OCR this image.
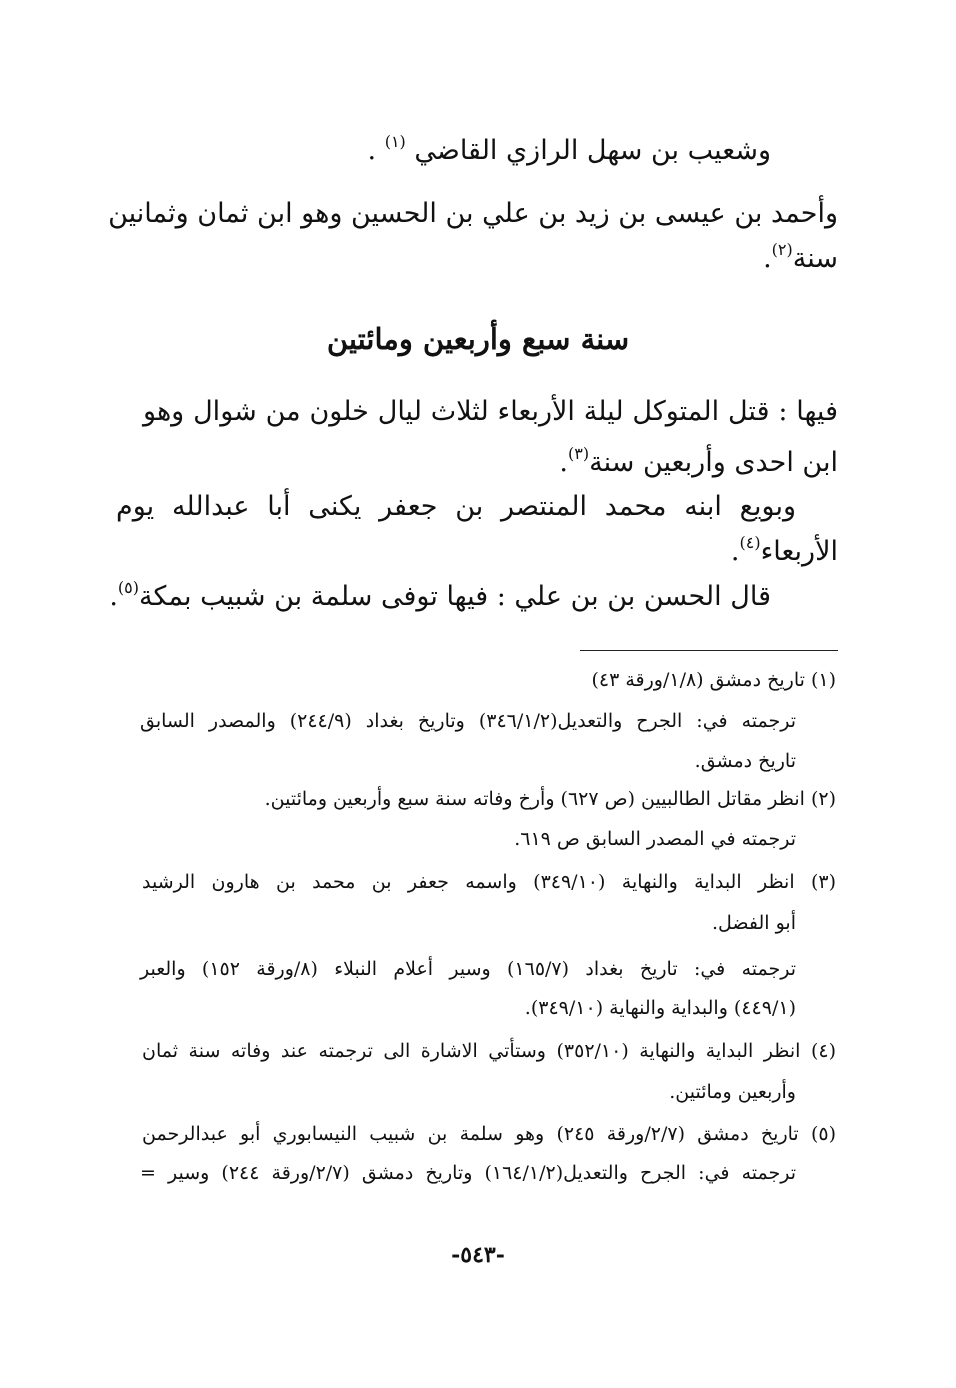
وشعيب بن سهل الرازي القاضي $^{(١)}$ .
وأحمد بن عيسى بن زيد بن علي بن الحسين وهو ابن ثمان وثمانين
سنة$^{(٢)}$.
سنة سبع وأربعين ومائتين
فيها : قتل المتوكل ليلة الأربعاء لثلاث ليال خلون من شوال وهو
ابن احدى وأربعين سنة$^{(٣)}$.
وبويع ابنه محمد المنتصر بن جعفر يكنى أبا عبدالله يوم
الأربعاء$^{(٤)}$.
قال الحسن بن بن علي : فيها توفى سلمة بن شبيب بمكة$^{(٥)}$.
(١) تاريخ دمشق (١/٨/ورقة ٤٣)
ترجمته في: الجرح والتعديل(٣٤٦/١/٢) وتاريخ بغداد (٢٤٤/٩) والمصدر السابق
تاريخ دمشق.
(٢) انظر مقاتل الطالبيين (ص ٦٢٧) وأرخ وفاته سنة سبع وأربعين ومائتين.
ترجمته في المصدر السابق ص ٦١٩.
(٣) انظر البداية والنهاية (٣٤٩/١٠) واسمه جعفر بن محمد بن هارون الرشيد
أبو الفضل.
ترجمته في: تاريخ بغداد (١٦٥/٧) وسير أعلام النبلاء (٨/ورقة ١٥٢) والعبر
(٤٤٩/١) والبداية والنهاية (٣٤٩/١٠).
(٤) انظر البداية والنهاية (٣٥٢/١٠) وستأتي الاشارة الى ترجمته عند وفاته سنة ثمان
وأربعين ومائتين.
(٥) تاريخ دمشق (٢/٧/ورقة ٢٤٥) وهو سلمة بن شبيب النيسابوري أبو عبدالرحمن
ترجمته في: الجرح والتعديل(١٦٤/١/٢) وتاريخ دمشق (٢/٧/ورقة ٢٤٤) وسير =
-٥٤٣-
